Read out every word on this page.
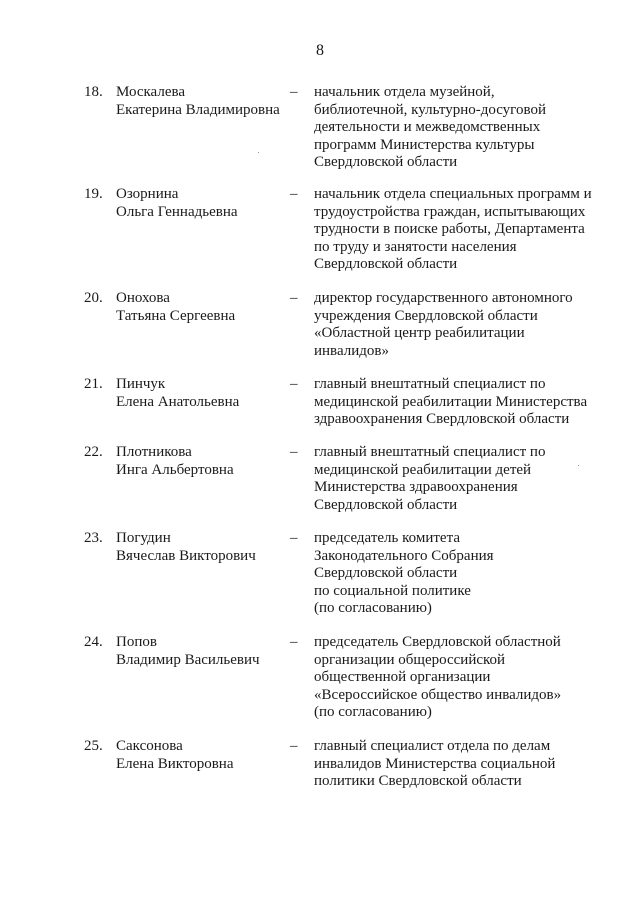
8
18. Москалева
Екатерина Владимировна
– начальник отдела музейной,
библиотечной, культурно-досуговой
деятельности и межведомственных
программ Министерства культуры
Свердловской области
19. Озорнина
Ольга Геннадьевна
– начальник отдела специальных программ и
трудоустройства граждан, испытывающих
трудности в поиске работы, Департамента
по труду и занятости населения
Свердловской области
20. Онохова
Татьяна Сергеевна
– директор государственного автономного
учреждения Свердловской области
«Областной центр реабилитации
инвалидов»
21. Пинчук
Елена Анатольевна
– главный внештатный специалист по
медицинской реабилитации Министерства
здравоохранения Свердловской области
22. Плотникова
Инга Альбертовна
– главный внештатный специалист по
медицинской реабилитации детей
Министерства здравоохранения
Свердловской области
23. Погудин
Вячеслав Викторович
– председатель комитета
Законодательного Собрания
Свердловской области
по социальной политике
(по согласованию)
24. Попов
Владимир Васильевич
– председатель Свердловской областной
организации общероссийской
общественной организации
«Всероссийское общество инвалидов»
(по согласованию)
25. Саксонова
Елена Викторовна
– главный специалист отдела по делам
инвалидов Министерства социальной
политики Свердловской области
